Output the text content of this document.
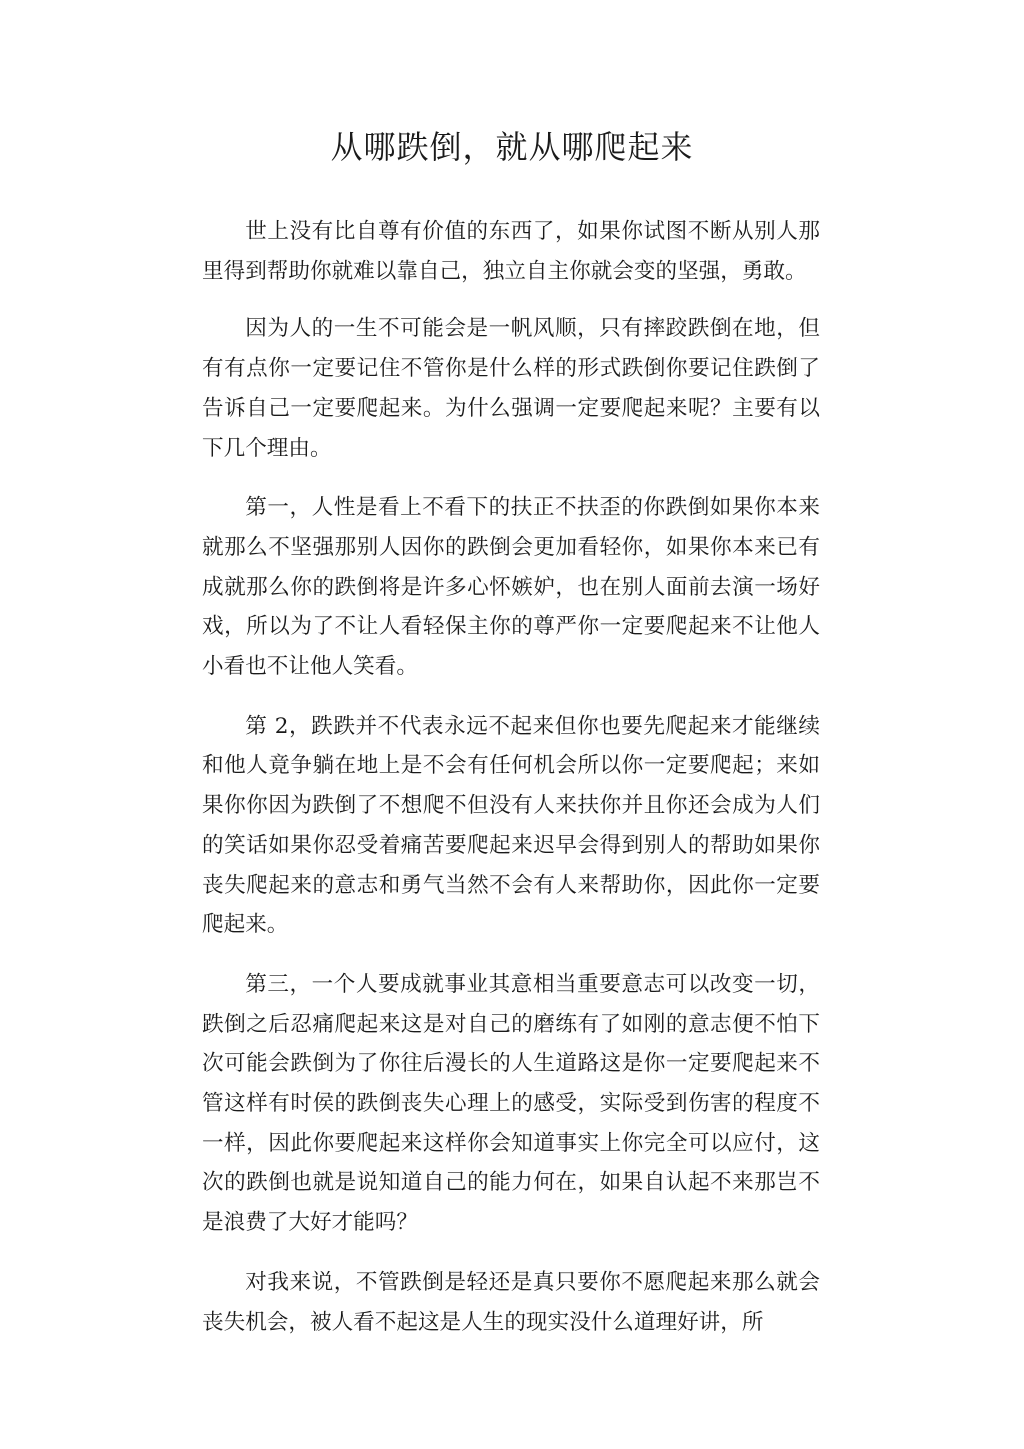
从哪跌倒，就从哪爬起来

世上没有比自尊有价值的东西了，如果你试图不断从别人那里得到帮助你就难以靠自己，独立自主你就会变的坚强，勇敢。

因为人的一生不可能会是一帆风顺，只有摔跤跌倒在地，但有有点你一定要记住不管你是什么样的形式跌倒你要记住跌倒了告诉自己一定要爬起来。为什么强调一定要爬起来呢？主要有以下几个理由。

第一，人性是看上不看下的扶正不扶歪的你跌倒如果你本来就那么不坚强那别人因你的跌倒会更加看轻你，如果你本来已有成就那么你的跌倒将是许多心怀嫉妒，也在别人面前去演一场好戏，所以为了不让人看轻保主你的尊严你一定要爬起来不让他人小看也不让他人笑看。

第 2，跌跌并不代表永远不起来但你也要先爬起来才能继续和他人竟争躺在地上是不会有任何机会所以你一定要爬起；来如果你你因为跌倒了不想爬不但没有人来扶你并且你还会成为人们的笑话如果你忍受着痛苦要爬起来迟早会得到别人的帮助如果你丧失爬起来的意志和勇气当然不会有人来帮助你，因此你一定要爬起来。

第三，一个人要成就事业其意相当重要意志可以改变一切，跌倒之后忍痛爬起来这是对自己的磨练有了如刚的意志便不怕下次可能会跌倒为了你往后漫长的人生道路这是你一定要爬起来不管这样有时侯的跌倒丧失心理上的感受，实际受到伤害的程度不一样，因此你要爬起来这样你会知道事实上你完全可以应付，这次的跌倒也就是说知道自己的能力何在，如果自认起不来那岂不是浪费了大好才能吗？

对我来说，不管跌倒是轻还是真只要你不愿爬起来那么就会丧失机会，被人看不起这是人生的现实没什么道理好讲，所
